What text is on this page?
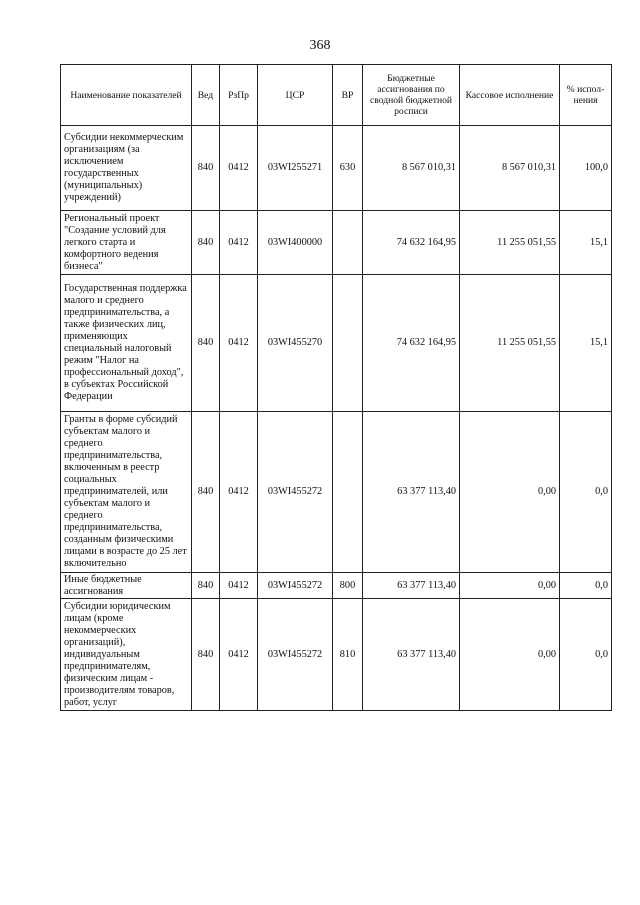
368
Наименование показателей	Вед	РзПр	ЦСР	ВР	Бюджетные ассигнования по сводной бюджетной росписи	Кассовое исполнение	% испол-нения
Субсидии некоммерческим организациям (за исключением государственных (муниципальных) учреждений)	840	0412	03WI255271	630	8 567 010,31	8 567 010,31	100,0
Региональный проект "Создание условий для легкого старта и комфортного ведения бизнеса"	840	0412	03WI400000		74 632 164,95	11 255 051,55	15,1
Государственная поддержка малого и среднего предпринимательства, а также физических лиц, применяющих специальный налоговый режим "Налог на профессиональный доход", в субъектах Российской Федерации	840	0412	03WI455270		74 632 164,95	11 255 051,55	15,1
Гранты в форме субсидий субъектам малого и среднего предпринимательства, включенным в реестр социальных предпринимателей, или субъектам малого и среднего предпринимательства, созданным физическими лицами в возрасте до 25 лет включительно	840	0412	03WI455272		63 377 113,40	0,00	0,0
Иные бюджетные ассигнования	840	0412	03WI455272	800	63 377 113,40	0,00	0,0
Субсидии юридическим лицам (кроме некоммерческих организаций), индивидуальным предпринимателям, физическим лицам - производителям товаров, работ, услуг	840	0412	03WI455272	810	63 377 113,40	0,00	0,0
